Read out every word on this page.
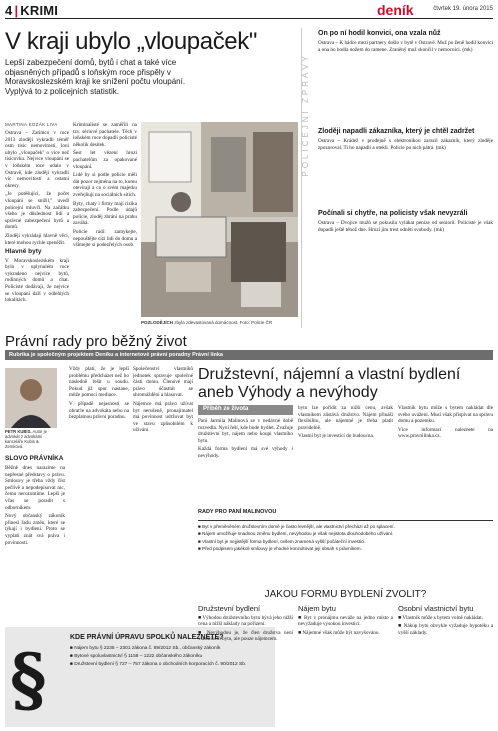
4 | KRIMI	deník	čtvrtek 19. února 2015
V kraji ubylo „vloupaček"
Lepší zabezpečení domů, bytů i chat a také více objasněných případů s loňským roce přispěly v Moravskoslezském kraji ke snížení počtu vloupání. Vyplývá to z policejních statistik.
MARTINA KOZÁK LIVA

Ostrava – Zatímco v roce 2013 zloději vykradli téměř osm tisíc nemovitostí, loni ubylo „vloupaček" o více než tisícovku. Nejvíce vloupání se v loňském roce udalo v Ostravě, kde zloději vykradli víc nemovitostí a ostatní okresy.

„Je potěšující, že počet vloupání se snížil," uvedl policejní mluvčí. Na začátku všeho je důslednost lidí a správné zabezpečení bytů a domů.

Zloději vykrádají hlavně věci, které mohou rychle zpeněžit.

Hlavně byty

V Moravskoslezském kraji bylo v uplynulém roce vykradeno nejvíce bytů, rodinných domů a chat. Policisté dodávají, že nejvíce se vloupání daří v odlehlých lokalitách.

Kriminalisté se zaměřili na tzv. sériové pachatele. Těch v loňském roce dopadli policisté několik desítek.

Šest let vězení hrozí pachatelům za opakované vloupání.

Lidé by si podle policie měli dát pozor zejména na to, komu otevírají a co o svém majetku zveřejňují na sociálních sítích.

Byty, chaty i firmy mají rizika zabezpečení. Podle údajů policie, zloděj zbrání na prahu zaváhá.

Policie radí: zamykejte, nepouštějte cizí lidi do domu a všímejte si podezřelých osob.

POZLODĚJÍCH zbyla zdevastovaná domácnost. Foto: Policie ČR
POLICEJNÍ ZPRÁVY
On po ní hodil konvici, ona vzala nůž
Ostrava – K hádce mezi partnery došlo v bytě v Ostravě. Muž po ženě hodil konvici a ona ho bodla nožem do ramene. Zraněný muž skončil v nemocnici. (mk)
Zloději napadli zákazníka, který je chtěl zadržet
Ostrava – Krádež v prodejně s elektronikou zarazil zákazník, který zloděje zpozoroval. Ti ho napadli a utekli. Policie po nich pátrá. (mk)
Počínali si chytře, na policisty však nevyzráli
Ostrava – Dvojice mužů se pokusila vylákat peníze od seniorů. Policisté je však dopadli ještě téhož dne. Hrozí jim trest odnětí svobody. (mk)
Právní rady pro běžný život
Rubrika je společným projektem Deníku a internetové právní poradny Právní linka
PETR KUBIS. Autor je advokát z advokátní kanceláře Kubis & Zemková.
SLOVO PRÁVNÍKA

Běžně dnes narazíme na nepřesné představy o právu. Smlouvy je třeba vždy číst pečlivě a nepodepisovat nic, čemu nerozumíme. Lepší je včas se poradit s odborníkem.

Nový občanský zákoník přinesl řadu změn, které se týkají i bydlení. Proto se vyplatí znát svá práva i povinnosti.

Vždy platí, že je lepší problému předcházet než ho následně řešit u soudu. Pokud již spor nastane, může pomoci mediace.

V případě nejasností se obraťte na advokáta nebo na bezplatnou právní poradnu.

Společenství vlastníků jednotek spravuje společné části domu. Členové mají právo účastnit se shromáždění a hlasovat.

Nájemce má právo užívat byt nerušeně, pronajímatel má povinnost udržovat byt ve stavu způsobilém k užívání.

§
KDE PRÁVNÍ ÚPRAVU SPOLKŮ NALEZNETE?
■ Nájem bytu § 2235 – 2301 zákona č. 89/2012 Sb., občanský zákoník
■ Bytové spoluvlastnictví § 1158 – 1222 občanského zákoníku
■ Družstevní bydlení § 727 – 757 zákona o obchodních korporacích č. 90/2012 Sb.
Družstevní, nájemní a vlastní bydlení aneb Výhody a nevýhody
Příběh ze života

Paní Jarmila Malinová se v nedávné době rozvedla. Nyní řeší, kde bude bydlet. Zvažuje družstevní byt, nájem nebo koupi vlastního bytu.

Každá forma bydlení má své výhody i nevýhody.

bytu lze pořídit za nižší cenu, avšak vlastníkem zůstává družstvo. Nájem přináší flexibilitu, ale nájemné je třeba platit pravidelně.

Vlastní byt je investicí do budoucna.

Vlastník bytu může s bytem nakládat dle svého uvážení. Musí však přispívat na správu domu a pozemku.

Více informací naleznete na www.pravnilinka.cz.

RADY PRO PANÍ MALINOVOU

■ Byt v přeměněném družstevním domě je často levnější, ale vlastnictví přechází až po splacení.

■ Nájem umožňuje snadnou změnu bydlení, nevýhodou je však nejistota dlouhodobého užívání.

■ Vlastní byt je nejjistější forma bydlení, ovšem znamená vyšší počáteční investici.

■ Před podpisem jakékoli smlouvy je vhodné konzultovat její obsah s právníkem.

JAKOU FORMU BYDLENÍ ZVOLIT?
Družstevní bydlení

■ Výhodou družstevního bytu bývá jeho nižší cena a nižší náklady na pořízení.

■ Nevýhodou je, že člen družstva není vlastníkem bytu, ale pouze nájemcem.

Nájem bytu

■ Byt v pronájmu neváže na jedno místo a nevyžaduje vysokou investici.

■ Nájemné však může být navyšováno.

Osobní vlastnictví bytu

■ Vlastník může s bytem volně nakládat.

■ Nákup bytu obvykle vyžaduje hypotéku a vyšší náklady.
